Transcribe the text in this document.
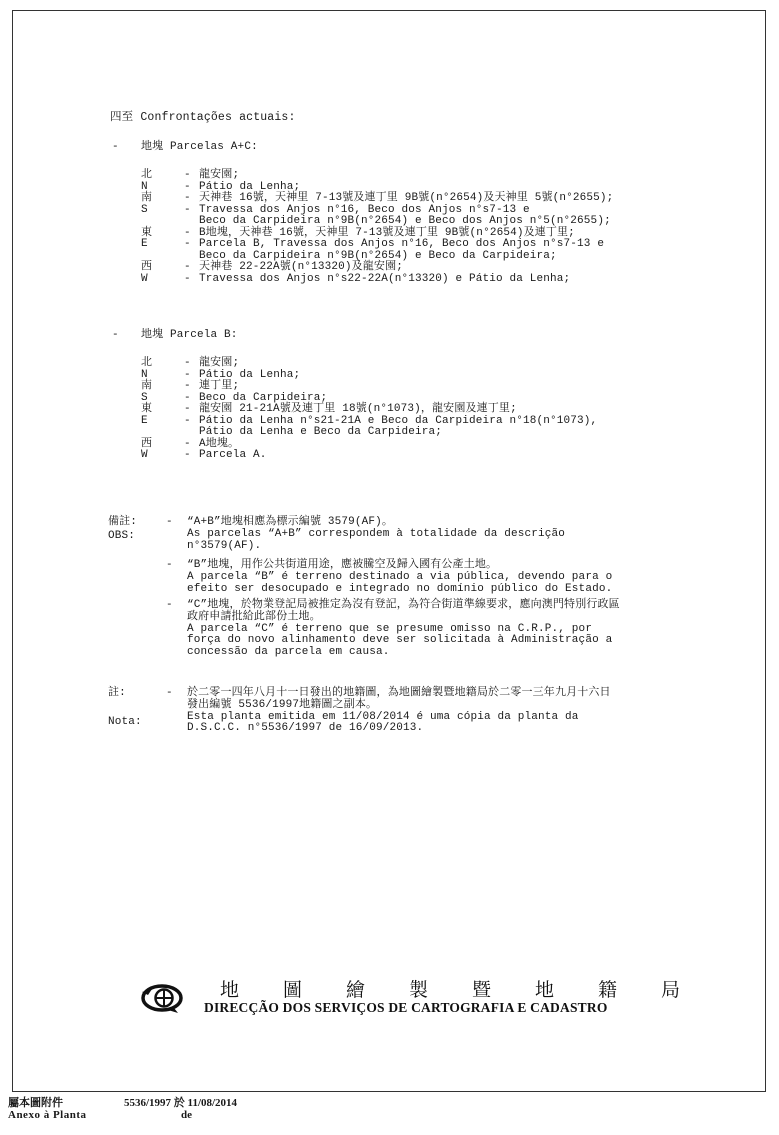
四至 Confrontações actuais:
- 地塊 Parcelas A+C:
北	- 龍安園;
N	- Pátio da Lenha;
南	- 天神巷 16號，天神里 7-13號及連丁里 9B號(n°2654)及天神里 5號(n°2655);
S	- Travessa dos Anjos n°16, Beco dos Anjos n°s7-13 e
Beco da Carpideira n°9B(n°2654) e Beco dos Anjos n°5(n°2655);
東	- B地塊，天神巷 16號，天神里 7-13號及連丁里 9B號(n°2654)及連丁里;
E	- Parcela B, Travessa dos Anjos n°16, Beco dos Anjos n°s7-13 e
Beco da Carpideira n°9B(n°2654) e Beco da Carpideira;
西	- 天神巷 22-22A號(n°13320)及龍安園;
W	- Travessa dos Anjos n°s22-22A(n°13320) e Pátio da Lenha;
- 地塊 Parcela B:
北	- 龍安園;
N	- Pátio da Lenha;
南	- 連丁里;
S	- Beco da Carpideira;
東	- 龍安園 21-21A號及連丁里 18號(n°1073)，龍安園及連丁里;
E	- Pátio da Lenha n°s21-21A e Beco da Carpideira n°18(n°1073),
Pátio da Lenha e Beco da Carpideira;
西	- A地塊。
W	- Parcela A.
備註:
OBS:
- “A+B”地塊相應為標示編號 3579(AF)。
As parcelas “A+B” correspondem à totalidade da descrição
n°3579(AF).
- “B”地塊，用作公共街道用途，應被騰空及歸入國有公產土地。
A parcela “B” é terreno destinado a via pública, devendo para o
efeito ser desocupado e integrado no domínio público do Estado.
- “C”地塊，於物業登記局被推定為沒有登記，為符合街道準線要求，應向澳門特別行政區
政府申請批給此部份土地。
A parcela “C” é terreno que se presume omisso na C.R.P., por
força do novo alinhamento deve ser solicitada à Administração a
concessão da parcela em causa.
註:
Nota:
- 於二零一四年八月十一日發出的地籍圖，為地圖繪製暨地籍局於二零一三年九月十六日
發出編號 5536/1997地籍圖之副本。
Esta planta emitida em 11/08/2014 é uma cópia da planta da
D.S.C.C. n°5536/1997 de 16/09/2013.
地圖繪製暨地籍局
DIRECÇÃO DOS SERVIÇOS DE CARTOGRAFIA E CADASTRO
屬本圖附件
Anexo à Planta
5536/1997 於 11/08/2014
de
